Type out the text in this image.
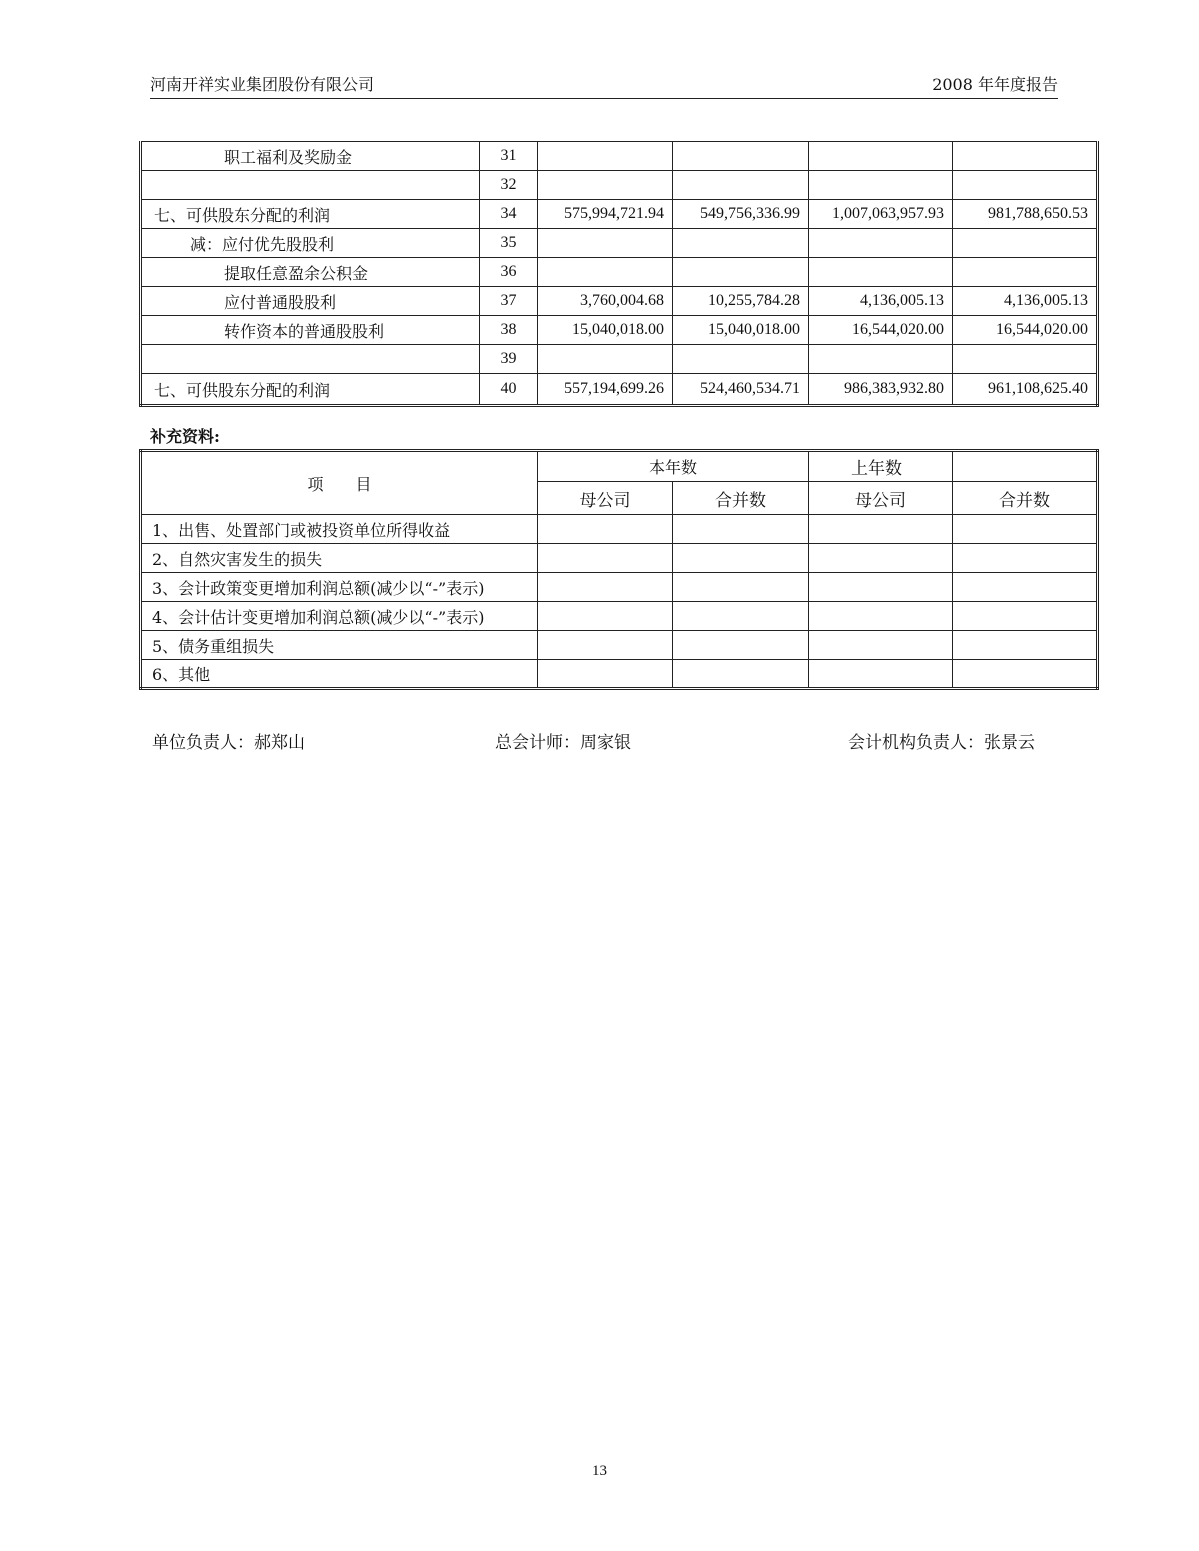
河南开祥实业集团股份有限公司	2008 年年度报告
职工福利及奖励金	31				
	32				
七、可供股东分配的利润	34	575,994,721.94	549,756,336.99	1,007,063,957.93	981,788,650.53
减：应付优先股股利	35				
提取任意盈余公积金	36				
应付普通股股利	37	3,760,004.68	10,255,784.28	4,136,005.13	4,136,005.13
转作资本的普通股股利	38	15,040,018.00	15,040,018.00	16,544,020.00	16,544,020.00
	39				
七、可供股东分配的利润	40	557,194,699.26	524,460,534.71	986,383,932.80	961,108,625.40
补充资料:
项　　目	本年数		上年数	
	母公司	合并数	母公司	合并数
1、出售、处置部门或被投资单位所得收益				
2、自然灾害发生的损失				
3、会计政策变更增加利润总额(减少以“-”表示)				
4、会计估计变更增加利润总额(减少以“-”表示)				
5、债务重组损失				
6、其他				
单位负责人：郝郑山	总会计师：周家银	会计机构负责人：张景云
13
